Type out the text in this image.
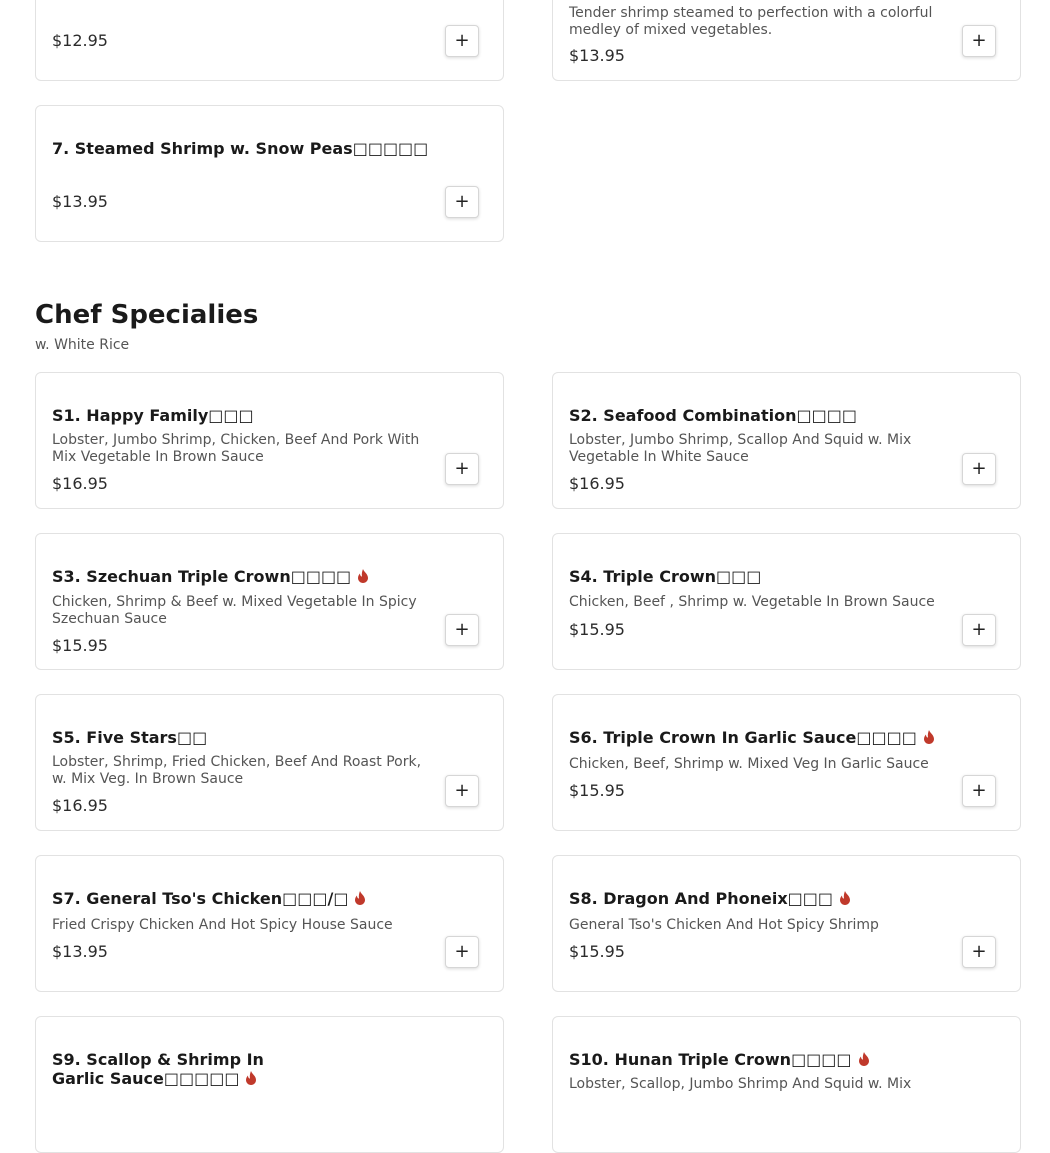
$12.95	+
Tender shrimp steamed to perfection with a colorful medley of mixed vegetables.
$13.95
+
7. Steamed Shrimp w. Snow Peas□□□□□
$13.95	+
Chef Specialies
w. White Rice
S1. Happy Family□□□
Lobster, Jumbo Shrimp, Chicken, Beef And Pork With Mix Vegetable In Brown Sauce
$16.95
+
S2. Seafood Combination□□□□
Lobster, Jumbo Shrimp, Scallop And Squid w. Mix Vegetable In White Sauce
$16.95
+
S3. Szechuan Triple Crown□□□□
Chicken, Shrimp & Beef w. Mixed Vegetable In Spicy Szechuan Sauce
$15.95
+
S4. Triple Crown□□□
Chicken, Beef , Shrimp w. Vegetable In Brown Sauce
$15.95	+
S5. Five Stars□□
Lobster, Shrimp, Fried Chicken, Beef And Roast Pork, w. Mix Veg. In Brown Sauce
$16.95
+
S6. Triple Crown In Garlic Sauce□□□□
Chicken, Beef, Shrimp w. Mixed Veg In Garlic Sauce
$15.95	+
S7. General Tso's Chicken□□□/□
Fried Crispy Chicken And Hot Spicy House Sauce
$13.95	+
S8. Dragon And Phoneix□□□
General Tso's Chicken And Hot Spicy Shrimp
$15.95	+
S9. Scallop & Shrimp In Garlic Sauce□□□□□
S10. Hunan Triple Crown□□□□
Lobster, Scallop, Jumbo Shrimp And Squid w. Mix
